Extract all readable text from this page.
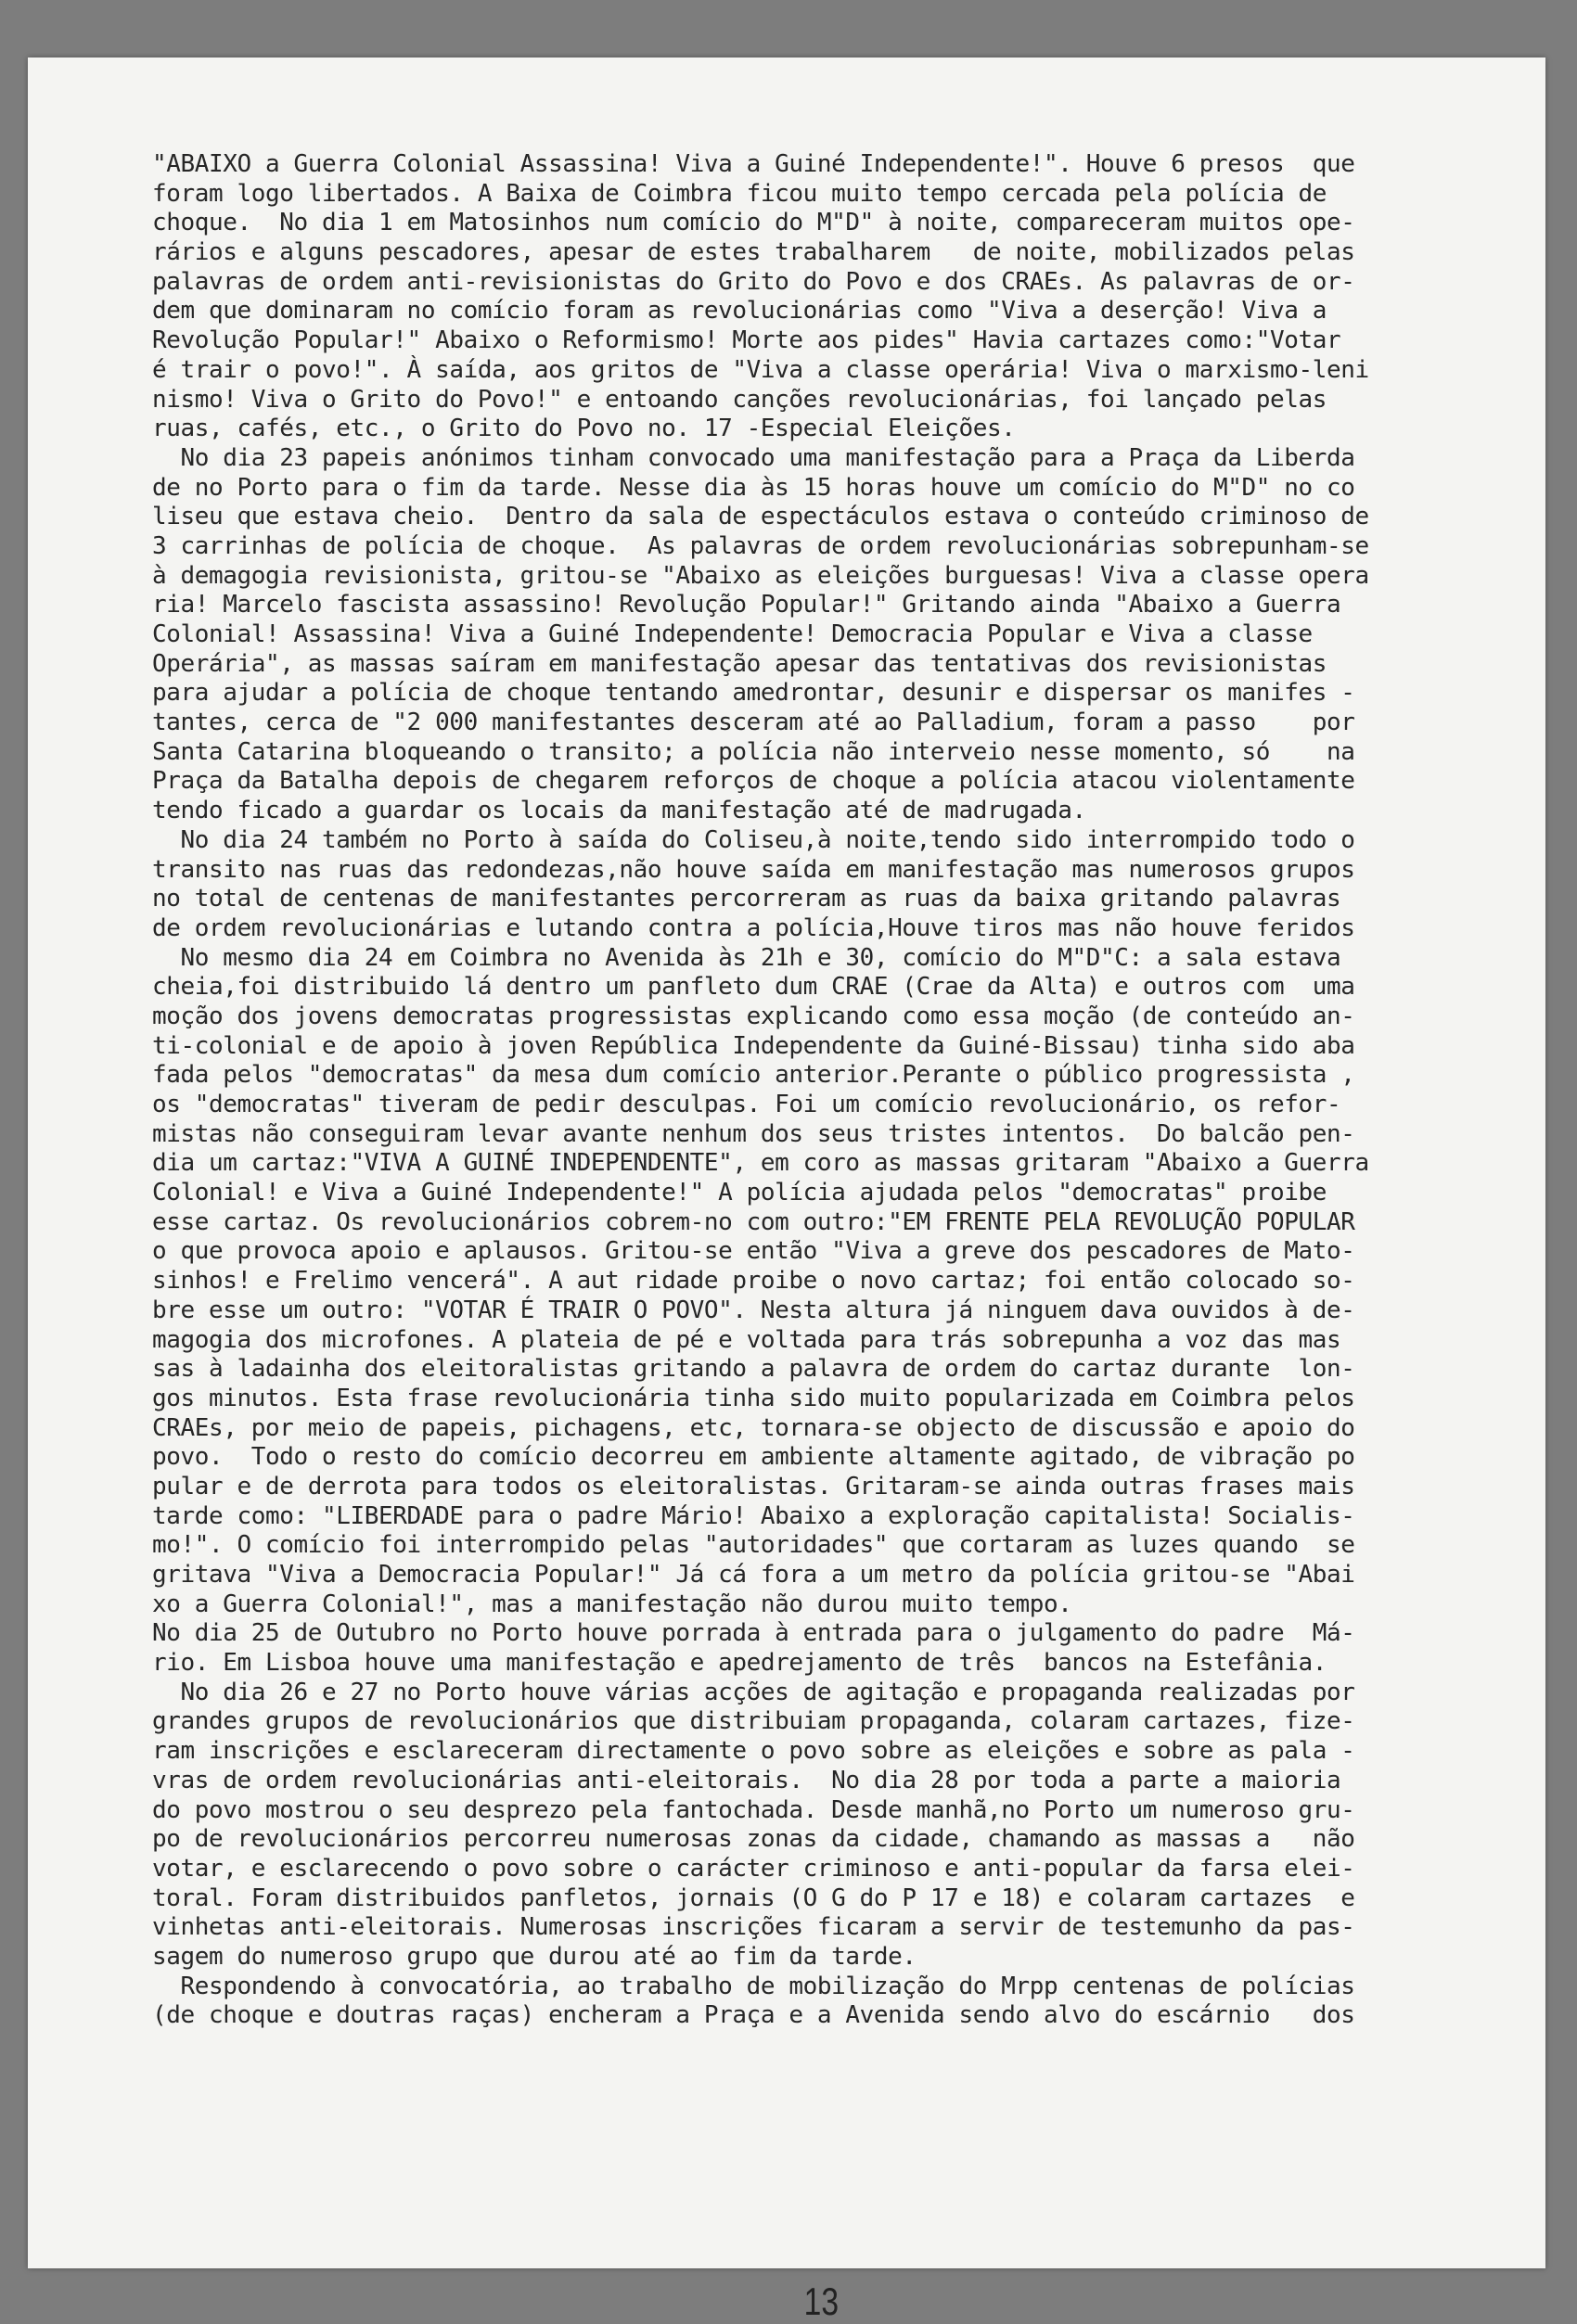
"ABAIXO a Guerra Colonial Assassina! Viva a Guiné Independente!". Houve 6 presos  que
foram logo libertados. A Baixa de Coimbra ficou muito tempo cercada pela polícia de
choque.  No dia 1 em Matosinhos num comício do M"D" à noite, compareceram muitos ope-
rários e alguns pescadores, apesar de estes trabalharem   de noite, mobilizados pelas
palavras de ordem anti-revisionistas do Grito do Povo e dos CRAEs. As palavras de or-
dem que dominaram no comício foram as revolucionárias como "Viva a deserção! Viva a
Revolução Popular!" Abaixo o Reformismo! Morte aos pides" Havia cartazes como:"Votar
é trair o povo!". À saída, aos gritos de "Viva a classe operária! Viva o marxismo-leni
nismo! Viva o Grito do Povo!" e entoando canções revolucionárias, foi lançado pelas
ruas, cafés, etc., o Grito do Povo no. 17 -Especial Eleições.
No dia 23 papeis anónimos tinham convocado uma manifestação para a Praça da Liberda
de no Porto para o fim da tarde. Nesse dia às 15 horas houve um comício do M"D" no co
liseu que estava cheio.  Dentro da sala de espectáculos estava o conteúdo criminoso de
3 carrinhas de polícia de choque.  As palavras de ordem revolucionárias sobrepunham-se
à demagogia revisionista, gritou-se "Abaixo as eleições burguesas! Viva a classe opera
ria! Marcelo fascista assassino! Revolução Popular!" Gritando ainda "Abaixo a Guerra
Colonial! Assassina! Viva a Guiné Independente! Democracia Popular e Viva a classe
Operária", as massas saíram em manifestação apesar das tentativas dos revisionistas
para ajudar a polícia de choque tentando amedrontar, desunir e dispersar os manifes -
tantes, cerca de "2 000 manifestantes desceram até ao Palladium, foram a passo    por
Santa Catarina bloqueando o transito; a polícia não interveio nesse momento, só    na
Praça da Batalha depois de chegarem reforços de choque a polícia atacou violentamente
tendo ficado a guardar os locais da manifestação até de madrugada.
No dia 24 também no Porto à saída do Coliseu,à noite,tendo sido interrompido todo o
transito nas ruas das redondezas,não houve saída em manifestação mas numerosos grupos
no total de centenas de manifestantes percorreram as ruas da baixa gritando palavras
de ordem revolucionárias e lutando contra a polícia,Houve tiros mas não houve feridos
No mesmo dia 24 em Coimbra no Avenida às 21h e 30, comício do M"D"C: a sala estava
cheia,foi distribuido lá dentro um panfleto dum CRAE (Crae da Alta) e outros com  uma
moção dos jovens democratas progressistas explicando como essa moção (de conteúdo an-
ti-colonial e de apoio à joven República Independente da Guiné-Bissau) tinha sido aba
fada pelos "democratas" da mesa dum comício anterior.Perante o público progressista ,
os "democratas" tiveram de pedir desculpas. Foi um comício revolucionário, os refor-
mistas não conseguiram levar avante nenhum dos seus tristes intentos.  Do balcão pen-
dia um cartaz:"VIVA A GUINÉ INDEPENDENTE", em coro as massas gritaram "Abaixo a Guerra
Colonial! e Viva a Guiné Independente!" A polícia ajudada pelos "democratas" proibe
esse cartaz. Os revolucionários cobrem-no com outro:"EM FRENTE PELA REVOLUÇÃO POPULAR
o que provoca apoio e aplausos. Gritou-se então "Viva a greve dos pescadores de Mato-
sinhos! e Frelimo vencerá". A aut ridade proibe o novo cartaz; foi então colocado so-
bre esse um outro: "VOTAR É TRAIR O POVO". Nesta altura já ninguem dava ouvidos à de-
magogia dos microfones. A plateia de pé e voltada para trás sobrepunha a voz das mas
sas à ladainha dos eleitoralistas gritando a palavra de ordem do cartaz durante  lon-
gos minutos. Esta frase revolucionária tinha sido muito popularizada em Coimbra pelos
CRAEs, por meio de papeis, pichagens, etc, tornara-se objecto de discussão e apoio do
povo.  Todo o resto do comício decorreu em ambiente altamente agitado, de vibração po
pular e de derrota para todos os eleitoralistas. Gritaram-se ainda outras frases mais
tarde como: "LIBERDADE para o padre Mário! Abaixo a exploração capitalista! Socialis-
mo!". O comício foi interrompido pelas "autoridades" que cortaram as luzes quando  se
gritava "Viva a Democracia Popular!" Já cá fora a um metro da polícia gritou-se "Abai
xo a Guerra Colonial!", mas a manifestação não durou muito tempo.
No dia 25 de Outubro no Porto houve porrada à entrada para o julgamento do padre  Má-
rio. Em Lisboa houve uma manifestação e apedrejamento de três  bancos na Estefânia.
No dia 26 e 27 no Porto houve várias acções de agitação e propaganda realizadas por
grandes grupos de revolucionários que distribuiam propaganda, colaram cartazes, fize-
ram inscrições e esclareceram directamente o povo sobre as eleições e sobre as pala -
vras de ordem revolucionárias anti-eleitorais.  No dia 28 por toda a parte a maioria
do povo mostrou o seu desprezo pela fantochada. Desde manhã,no Porto um numeroso gru-
po de revolucionários percorreu numerosas zonas da cidade, chamando as massas a   não
votar, e esclarecendo o povo sobre o carácter criminoso e anti-popular da farsa elei-
toral. Foram distribuidos panfletos, jornais (O G do P 17 e 18) e colaram cartazes  e
vinhetas anti-eleitorais. Numerosas inscrições ficaram a servir de testemunho da pas-
sagem do numeroso grupo que durou até ao fim da tarde.
Respondendo à convocatória, ao trabalho de mobilização do Mrpp centenas de polícias
(de choque e doutras raças) encheram a Praça e a Avenida sendo alvo do escárnio   dos
13
